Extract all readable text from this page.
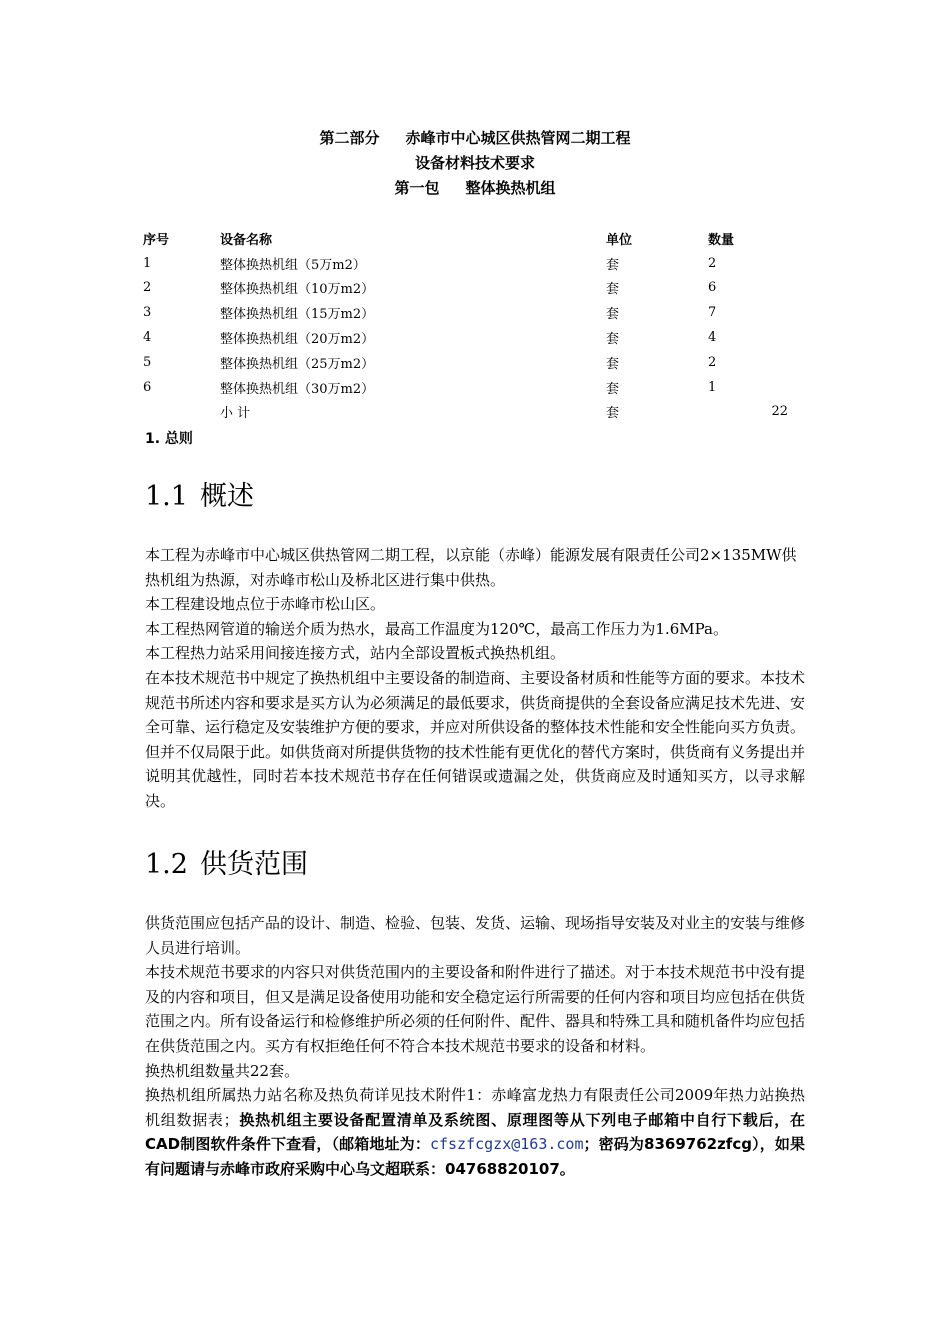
第二部分 赤峰市中心城区供热管网二期工程
设备材料技术要求
第一包 整体换热机组
序号	设备名称	单位	数量
1	整体换热机组（5万m2）	套	2
2	整体换热机组（10万m2）	套	6
3	整体换热机组（15万m2）	套	7
4	整体换热机组（20万m2）	套	4
5	整体换热机组（25万m2）	套	2
6	整体换热机组（30万m2）	套	1
	小 计	套	22
1. 总则
1.1 概述

本工程为赤峰市中心城区供热管网二期工程，以京能（赤峰）能源发展有限责任公司2×135MW供热机组为热源，对赤峰市松山及桥北区进行集中供热。

本工程建设地点位于赤峰市松山区。

本工程热网管道的输送介质为热水，最高工作温度为120℃，最高工作压力为1.6MPa。

本工程热力站采用间接连接方式，站内全部设置板式换热机组。

在本技术规范书中规定了换热机组中主要设备的制造商、主要设备材质和性能等方面的要求。本技术规范书所述内容和要求是买方认为必须满足的最低要求，供货商提供的全套设备应满足技术先进、安全可靠、运行稳定及安装维护方便的要求，并应对所供设备的整体技术性能和安全性能向买方负责。但并不仅局限于此。如供货商对所提供货物的技术性能有更优化的替代方案时，供货商有义务提出并说明其优越性，同时若本技术规范书存在任何错误或遗漏之处，供货商应及时通知买方，以寻求解决。

1.2 供货范围

供货范围应包括产品的设计、制造、检验、包装、发货、运输、现场指导安装及对业主的安装与维修人员进行培训。

本技术规范书要求的内容只对供货范围内的主要设备和附件进行了描述。对于本技术规范书中没有提及的内容和项目，但又是满足设备使用功能和安全稳定运行所需要的任何内容和项目均应包括在供货范围之内。所有设备运行和检修维护所必须的任何附件、配件、器具和特殊工具和随机备件均应包括在供货范围之内。买方有权拒绝任何不符合本技术规范书要求的设备和材料。

换热机组数量共22套。

换热机组所属热力站名称及热负荷详见技术附件1：赤峰富龙热力有限责任公司2009年热力站换热机组数据表；换热机组主要设备配置清单及系统图、原理图等从下列电子邮箱中自行下载后，在CAD制图软件条件下查看，（邮箱地址为：cfszfcgzx@163.com；密码为8369762zfcg），如果有问题请与赤峰市政府采购中心乌文超联系：04768820107。
